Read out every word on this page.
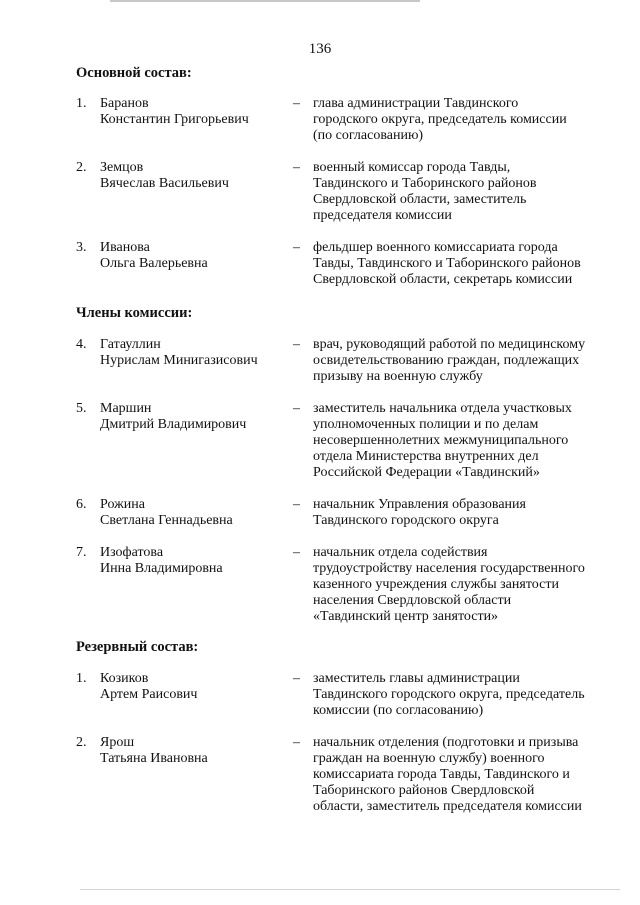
136
Основной состав:
1. Баранов
Константин Григорьевич
– глава администрации Тавдинского
городского округа, председатель комиссии
(по согласованию)
2. Земцов
Вячеслав Васильевич
– военный комиссар города Тавды,
Тавдинского и Таборинского районов
Свердловской области, заместитель
председателя комиссии
3. Иванова
Ольга Валерьевна
– фельдшер военного комиссариата города
Тавды, Тавдинского и Таборинского районов
Свердловской области, секретарь комиссии
Члены комиссии:
4. Гатауллин
Нурислам Минигазисович
– врач, руководящий работой по медицинскому
освидетельствованию граждан, подлежащих
призыву на военную службу
5. Маршин
Дмитрий Владимирович
– заместитель начальника отдела участковых
уполномоченных полиции и по делам
несовершеннолетних межмуниципального
отдела Министерства внутренних дел
Российской Федерации «Тавдинский»
6. Рожина
Светлана Геннадьевна
– начальник Управления образования
Тавдинского городского округа
7. Изофатова
Инна Владимировна
– начальник отдела содействия
трудоустройству населения государственного
казенного учреждения службы занятости
населения Свердловской области
«Тавдинский центр занятости»
Резервный состав:
1. Козиков
Артем Раисович
– заместитель главы администрации
Тавдинского городского округа, председатель
комиссии (по согласованию)
2. Ярош
Татьяна Ивановна
– начальник отделения (подготовки и призыва
граждан на военную службу) военного
комиссариата города Тавды, Тавдинского и
Таборинского районов Свердловской
области, заместитель председателя комиссии
